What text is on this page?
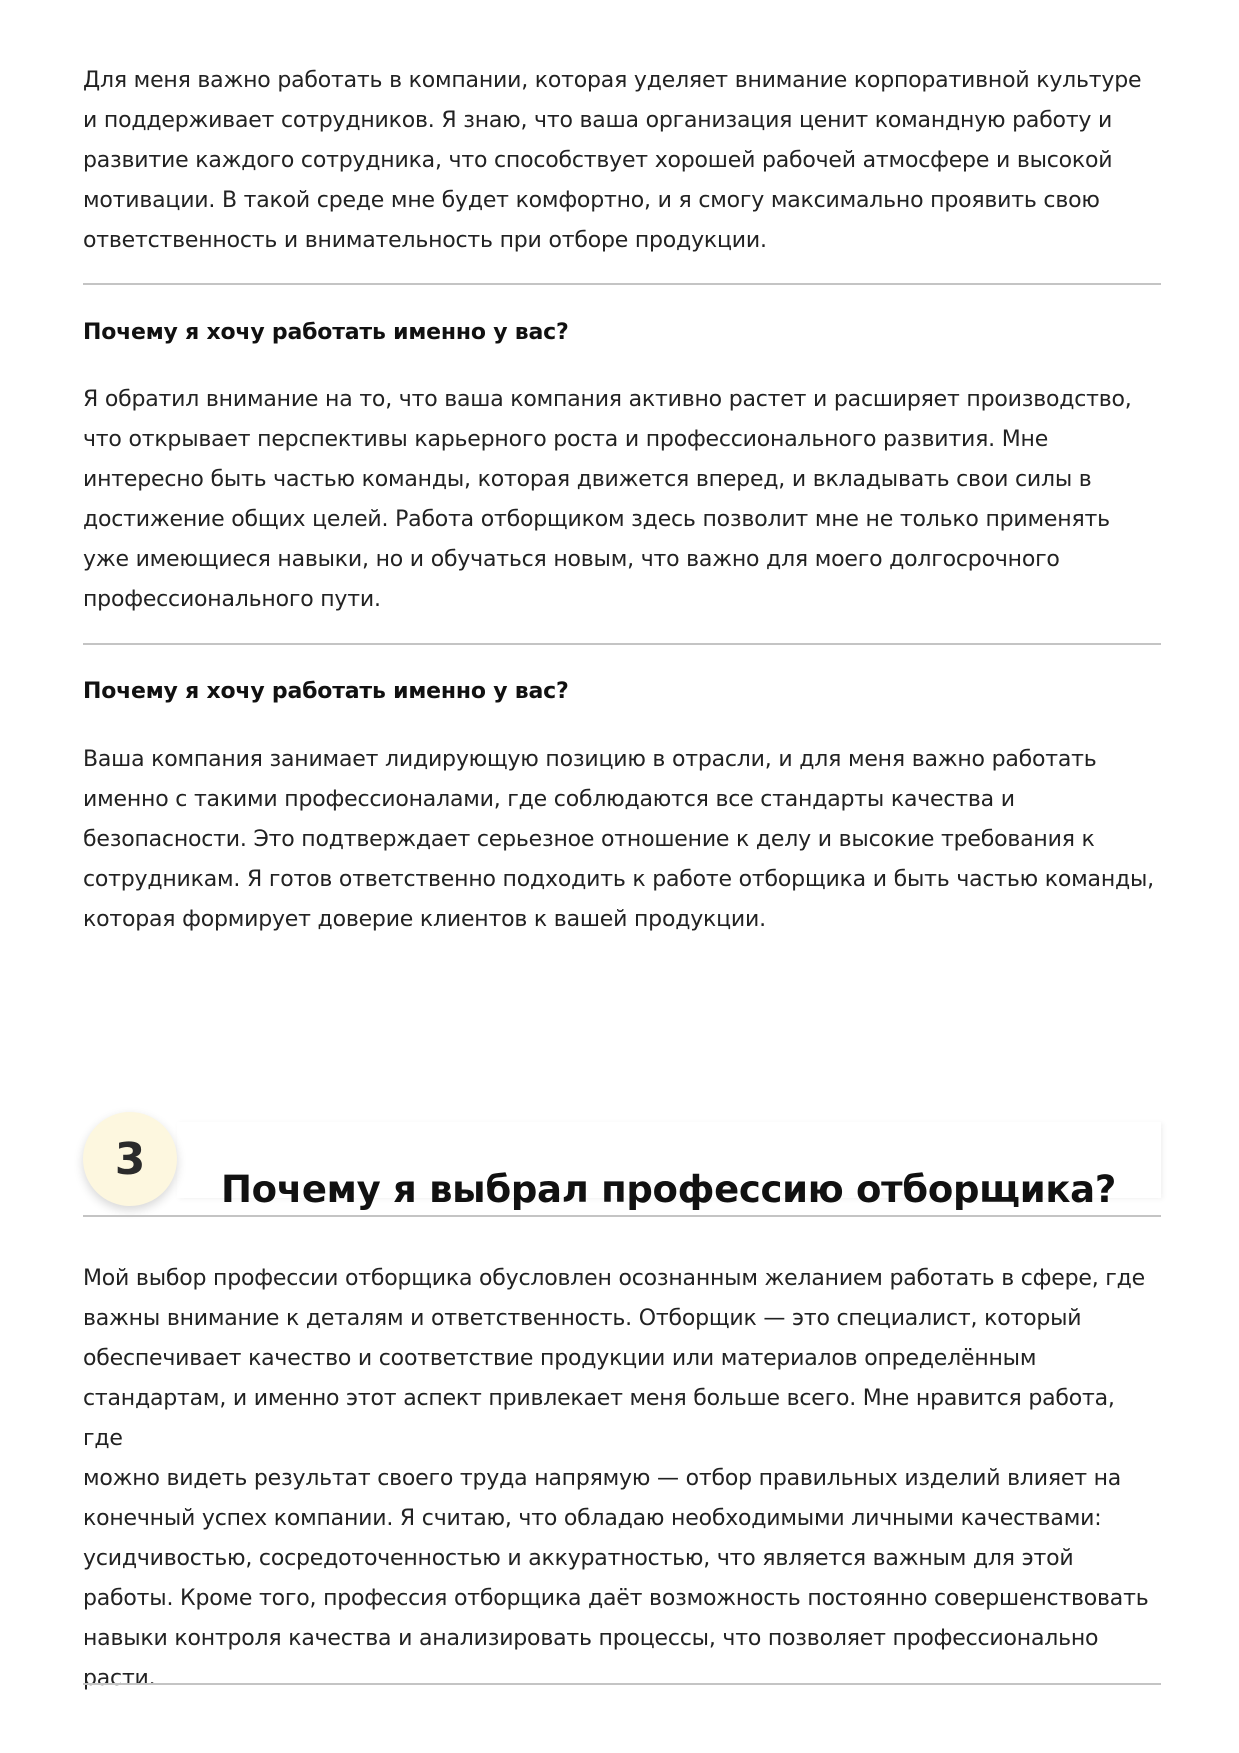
Для меня важно работать в компании, которая уделяет внимание корпоративной культуре

и поддерживает сотрудников. Я знаю, что ваша организация ценит командную работу и

развитие каждого сотрудника, что способствует хорошей рабочей атмосфере и высокой

мотивации. В такой среде мне будет комфортно, и я смогу максимально проявить свою

ответственность и внимательность при отборе продукции.

Почему я хочу работать именно у вас?

Я обратил внимание на то, что ваша компания активно растет и расширяет производство,

что открывает перспективы карьерного роста и профессионального развития. Мне

интересно быть частью команды, которая движется вперед, и вкладывать свои силы в

достижение общих целей. Работа отборщиком здесь позволит мне не только применять

уже имеющиеся навыки, но и обучаться новым, что важно для моего долгосрочного

профессионального пути.

Почему я хочу работать именно у вас?

Ваша компания занимает лидирующую позицию в отрасли, и для меня важно работать

именно с такими профессионалами, где соблюдаются все стандарты качества и

безопасности. Это подтверждает серьезное отношение к делу и высокие требования к

сотрудникам. Я готов ответственно подходить к работе отборщика и быть частью команды,

которая формирует доверие клиентов к вашей продукции.

3
Почему я выбрал профессию отборщика?

Мой выбор профессии отборщика обусловлен осознанным желанием работать в сфере, где

важны внимание к деталям и ответственность. Отборщик — это специалист, который

обеспечивает качество и соответствие продукции или материалов определённым

стандартам, и именно этот аспект привлекает меня больше всего. Мне нравится работа, где

можно видеть результат своего труда напрямую — отбор правильных изделий влияет на

конечный успех компании. Я считаю, что обладаю необходимыми личными качествами:

усидчивостью, сосредоточенностью и аккуратностью, что является важным для этой

работы. Кроме того, профессия отборщика даёт возможность постоянно совершенствовать

навыки контроля качества и анализировать процессы, что позволяет профессионально

расти.
